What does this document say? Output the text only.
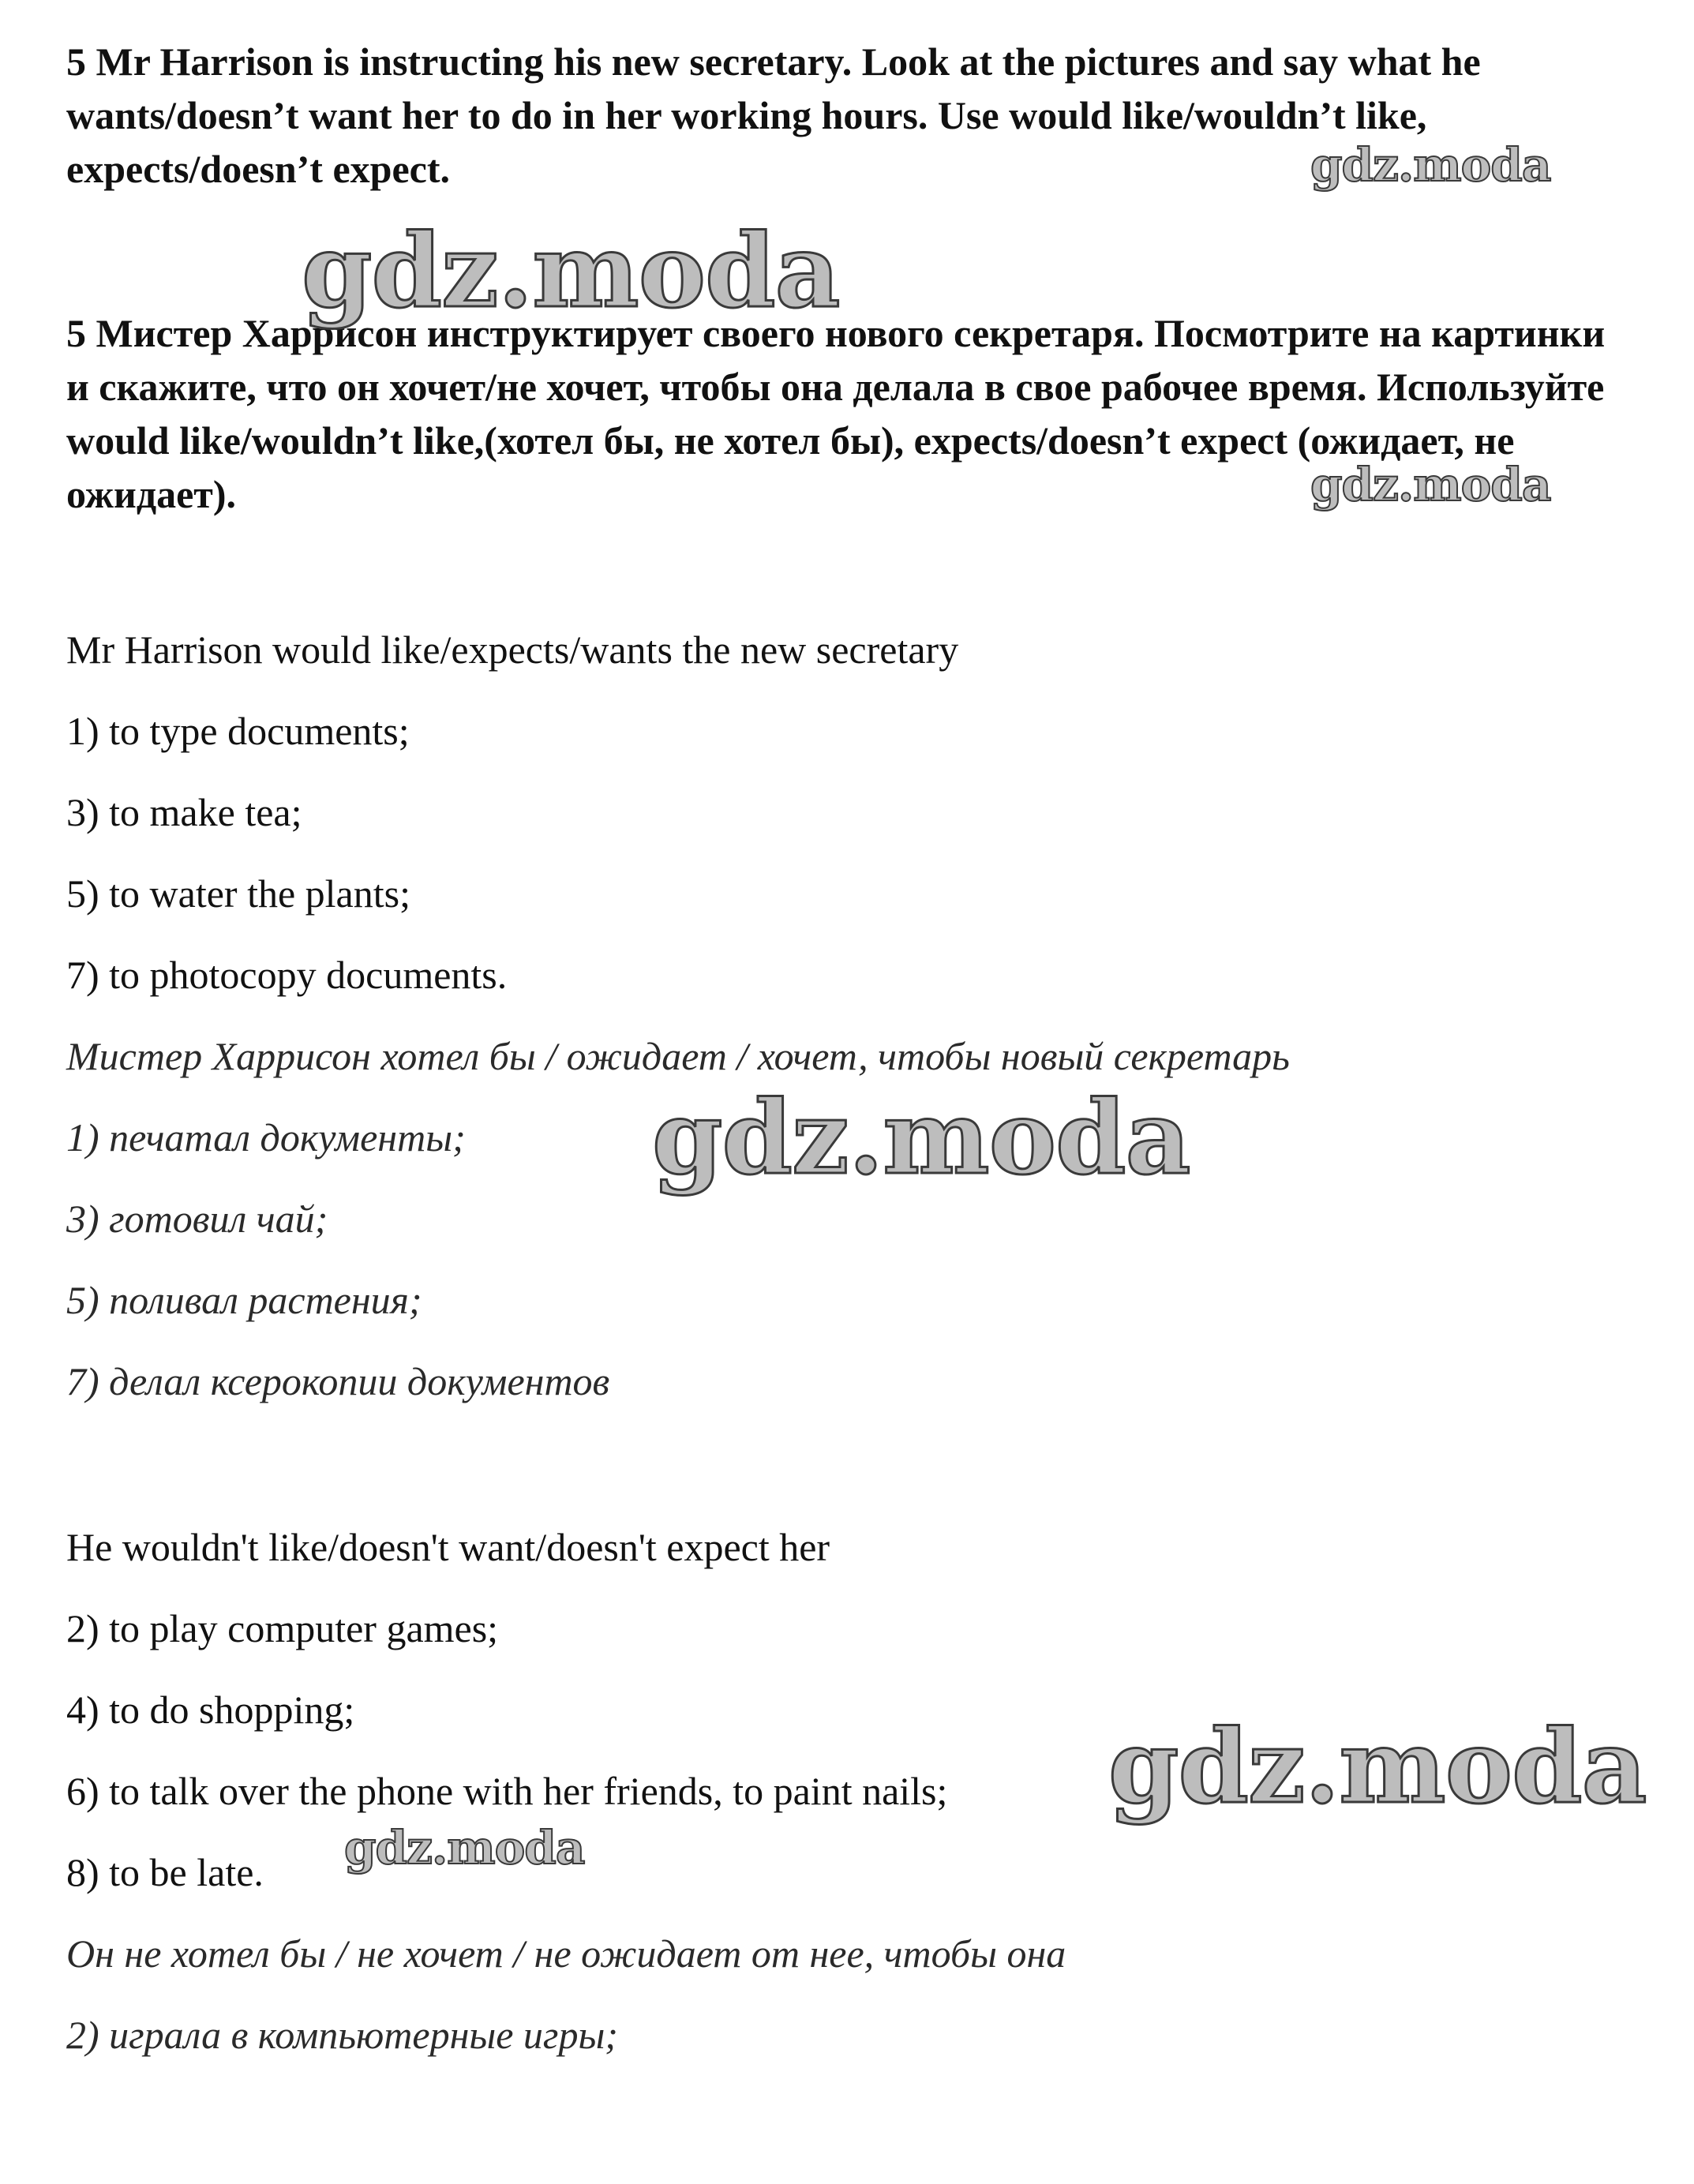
5 Mr Harrison is instructing his new secretary. Look at the pictures and say what he wants/doesn’t want her to do in her working hours. Use would like/wouldn’t like, expects/doesn’t expect.

5 Мистер Харрисон инструктирует своего нового секретаря. Посмотрите на картинки и скажите, что он хочет/не хочет, чтобы она делала в свое рабочее время. Используйте would like/wouldn’t like,(хотел бы, не хотел бы), expects/doesn’t expect (ожидает, не ожидает).

Mr Harrison would like/expects/wants the new secretary

1) to type documents;

3) to make tea;

5) to water the plants;

7) to photocopy documents.

Мистер Харрисон хотел бы / ожидает / хочет, чтобы новый секретарь

1) печатал документы;

3) готовил чай;

5) поливал растения;

7) делал ксерокопии документов

He wouldn't like/doesn't want/doesn't expect her

2) to play computer games;

4) to do shopping;

6) to talk over the phone with her friends, to paint nails;

8) to be late.

Он не хотел бы / не хочет / не ожидает от нее, чтобы она

2) играла в компьютерные игры;

gdz.moda
gdz.moda
gdz.moda
gdz.moda
gdz.moda
gdz.moda
